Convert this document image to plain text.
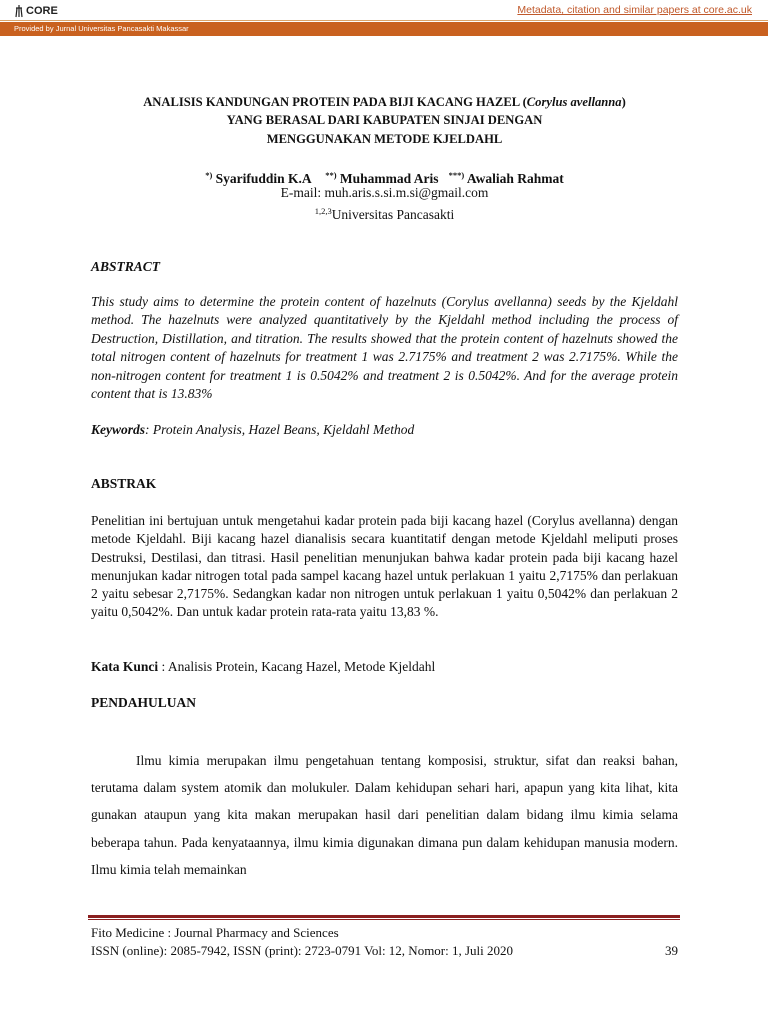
CORE	Metadata, citation and similar papers at core.ac.uk
Provided by Jurnal Universitas Pancasakti Makassar
ANALISIS KANDUNGAN PROTEIN PADA BIJI KACANG HAZEL (Corylus avellanna)
YANG BERASAL DARI KABUPATEN SINJAI DENGAN
MENGGUNAKAN METODE KJELDAHL
*) Syarifuddin K.A **) Muhammad Aris ***) Awaliah Rahmat
E-mail: muh.aris.s.si.m.si@gmail.com
$^{1,2,3}$Universitas Pancasakti
ABSTRACT
This study aims to determine the protein content of hazelnuts (Corylus avellanna) seeds by the Kjeldahl method. The hazelnuts were analyzed quantitatively by the Kjeldahl method including the process of Destruction, Distillation, and titration. The results showed that the protein content of hazelnuts showed the total nitrogen content of hazelnuts for treatment 1 was 2.7175% and treatment 2 was 2.7175%. While the non-nitrogen content for treatment 1 is 0.5042% and treatment 2 is 0.5042%. And for the average protein content that is 13.83%
Keywords: Protein Analysis, Hazel Beans, Kjeldahl Method
ABSTRAK
Penelitian ini bertujuan untuk mengetahui kadar protein pada biji kacang hazel (Corylus avellanna) dengan metode Kjeldahl. Biji kacang hazel dianalisis secara kuantitatif dengan metode Kjeldahl meliputi proses Destruksi, Destilasi, dan titrasi. Hasil penelitian menunjukan bahwa kadar protein pada biji kacang hazel menunjukan kadar nitrogen total pada sampel kacang hazel untuk perlakuan 1 yaitu 2,7175% dan perlakuan 2 yaitu sebesar 2,7175%. Sedangkan kadar non nitrogen untuk perlakuan 1 yaitu 0,5042% dan perlakuan 2 yaitu 0,5042%. Dan untuk kadar protein rata-rata yaitu 13,83 %.
Kata Kunci : Analisis Protein, Kacang Hazel, Metode Kjeldahl
PENDAHULUAN
Ilmu kimia merupakan ilmu pengetahuan tentang komposisi, struktur, sifat dan reaksi bahan, terutama dalam system atomik dan molukuler. Dalam kehidupan sehari hari, apapun yang kita lihat, kita gunakan ataupun yang kita makan merupakan hasil dari penelitian dalam bidang ilmu kimia selama beberapa tahun. Pada kenyataannya, ilmu kimia digunakan dimana pun dalam kehidupan manusia modern. Ilmu kimia telah memainkan
Fito Medicine : Journal Pharmacy and Sciences
ISSN (online): 2085-7942, ISSN (print): 2723-0791 Vol: 12, Nomor: 1, Juli 2020	39
